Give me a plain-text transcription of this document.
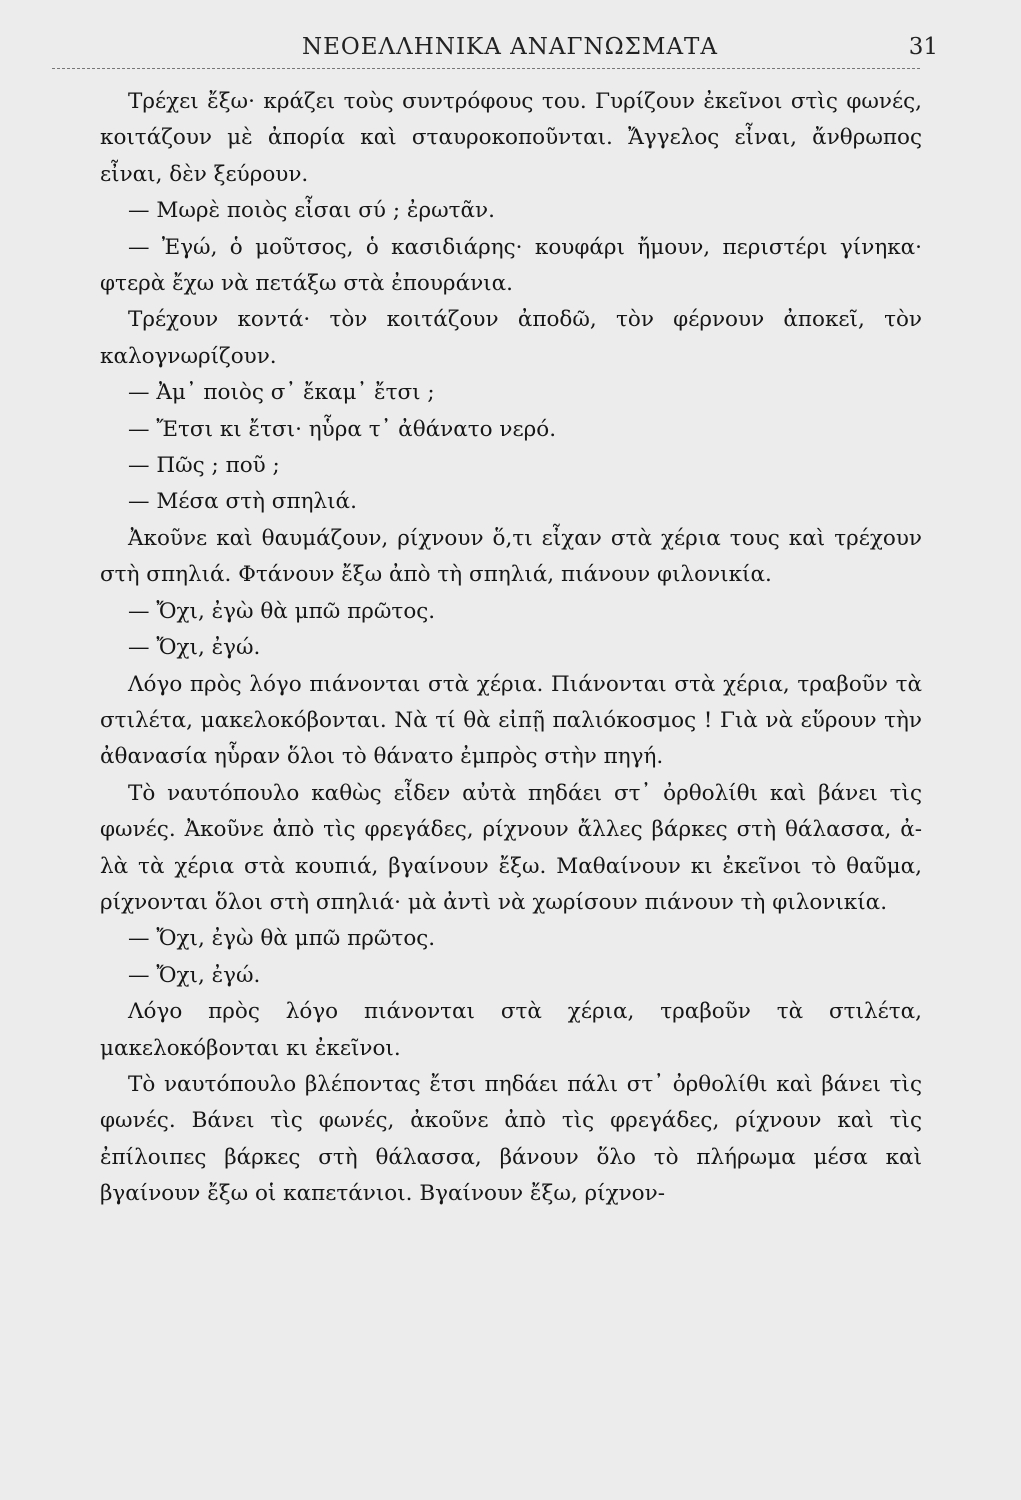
ΝΕΟΕΛΛΗΝΙΚΑ ΑΝΑΓΝΩΣΜΑΤΑ	31

Τρέχει ἔξω· κράζει τοὺς συντρόφους του. Γυρίζουν ἐκεῖνοι στὶς φωνές, κοιτάζουν μὲ ἀπορία καὶ σταυροκοποῦνται. Ἄγγελος εἶναι, ἄνθρωπος εἶναι, δὲν ξεύρουν.

— Μωρὲ ποιὸς εἶσαι σύ ; ἐρωτᾶν.

— Ἐγώ, ὁ μοῦτσος, ὁ κασιδιάρης· κουφάρι ἤμουν, περιστέρι γίνηκα· φτερὰ ἔχω νὰ πετάξω στὰ ἐπουράνια.

Τρέχουν κοντά· τὸν κοιτάζουν ἀποδῶ, τὸν φέρνουν ἀποκεῖ, τὸν καλογνωρίζουν.

— Ἀμ᾿ ποιὸς σ᾿ ἔκαμ᾿ ἔτσι ;

— Ἔτσι κι ἔτσι· ηὗρα τ᾿ ἀθάνατο νερό.

— Πῶς ; ποῦ ;

— Μέσα στὴ σπηλιά.

Ἀκοῦνε καὶ θαυμάζουν, ρίχνουν ὅ,τι εἶχαν στὰ χέρια τους καὶ τρέχουν στὴ σπηλιά. Φτάνουν ἔξω ἀπὸ τὴ σπηλιά, πιάνουν φιλονικία.

— Ὄχι, ἐγὼ θὰ μπῶ πρῶτος.

— Ὄχι, ἐγώ.

Λόγο πρὸς λόγο πιάνονται στὰ χέρια. Πιάνονται στὰ χέρια, τραβοῦν τὰ στιλέτα, μακελοκόβονται. Νὰ τί θὰ εἰπῇ παλιόκοσμος ! Γιὰ νὰ εὕρουν τὴν ἀθανασία ηὗραν ὅλοι τὸ θάνατο ἐμπρὸς στὴν πηγή.

Τὸ ναυτόπουλο καθὼς εἶδεν αὐτὰ πηδάει στ᾿ ὀρθολίθι καὶ βάνει τὶς φωνές. Ἀκοῦνε ἀπὸ τὶς φρεγάδες, ρίχνουν ἄλλες βάρκες στὴ θάλασσα, ἀ-λὰ τὰ χέρια στὰ κουπιά, βγαίνουν ἔξω. Μαθαίνουν κι ἐκεῖνοι τὸ θαῦμα, ρίχνονται ὅλοι στὴ σπηλιά· μὰ ἀντὶ νὰ χωρίσουν πιάνουν τὴ φιλονικία.

— Ὄχι, ἐγὼ θὰ μπῶ πρῶτος.

— Ὄχι, ἐγώ.

Λόγο πρὸς λόγο πιάνονται στὰ χέρια, τραβοῦν τὰ στιλέτα, μακελοκόβονται κι ἐκεῖνοι.

Τὸ ναυτόπουλο βλέποντας ἔτσι πηδάει πάλι στ᾿ ὀρθολίθι καὶ βάνει τὶς φωνές. Βάνει τὶς φωνές, ἀκοῦνε ἀπὸ τὶς φρεγάδες, ρίχνουν καὶ τὶς ἐπίλοιπες βάρκες στὴ θάλασσα, βάνουν ὅλο τὸ πλήρωμα μέσα καὶ βγαίνουν ἔξω οἱ καπετάνιοι. Βγαίνουν ἔξω, ρίχνον-
